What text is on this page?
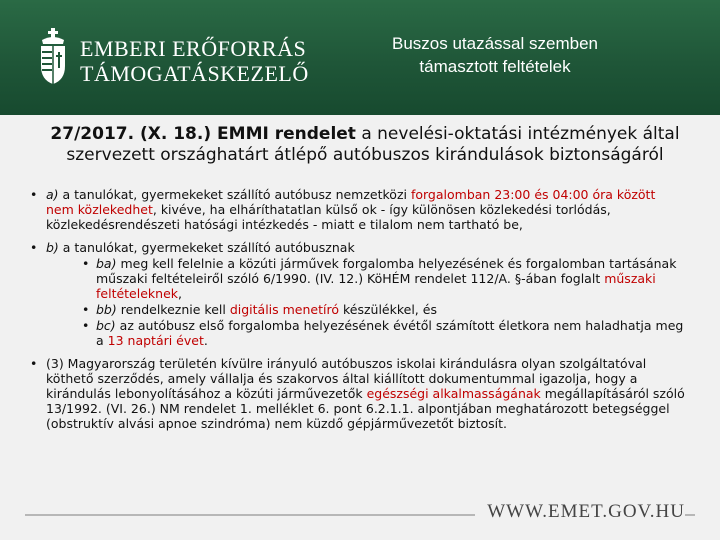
EMBERI ERŐFORRÁS
TÁMOGATÁSKEZELŐ
Buszos utazással szemben
támasztott feltételek
27/2017. (X. 18.) EMMI rendelet a nevelési-oktatási intézmények által
szervezett országhatárt átlépő autóbuszos kirándulások biztonságáról
• a) a tanulókat, gyermekeket szállító autóbusz nemzetközi forgalomban 23:00 és 04:00 óra között nem közlekedhet, kivéve, ha elháríthatatlan külső ok - így különösen közlekedési torlódás, közlekedésrendészeti hatósági intézkedés - miatt e tilalom nem tartható be,
• b) a tanulókat, gyermekeket szállító autóbusznak
• ba) meg kell felelnie a közúti járművek forgalomba helyezésének és forgalomban tartásának műszaki feltételeiről szóló 6/1990. (IV. 12.) KöHÉM rendelet 112/A. §-ában foglalt műszaki feltételeknek,
• bb) rendelkeznie kell digitális menetíró készülékkel, és
• bc) az autóbusz első forgalomba helyezésének évétől számított életkora nem haladhatja meg a 13 naptári évet.
• (3) Magyarország területén kívülre irányuló autóbuszos iskolai kirándulásra olyan szolgáltatóval köthető szerződés, amely vállalja és szakorvos által kiállított dokumentummal igazolja, hogy a kirándulás lebonyolításához a közúti járművezetők egészségi alkalmasságának megállapításáról szóló 13/1992. (VI. 26.) NM rendelet 1. melléklet 6. pont 6.2.1.1. alpontjában meghatározott betegséggel (obstruktív alvási apnoe szindróma) nem küzdő gépjárművezetőt biztosít.
WWW.EMET.GOV.HU
